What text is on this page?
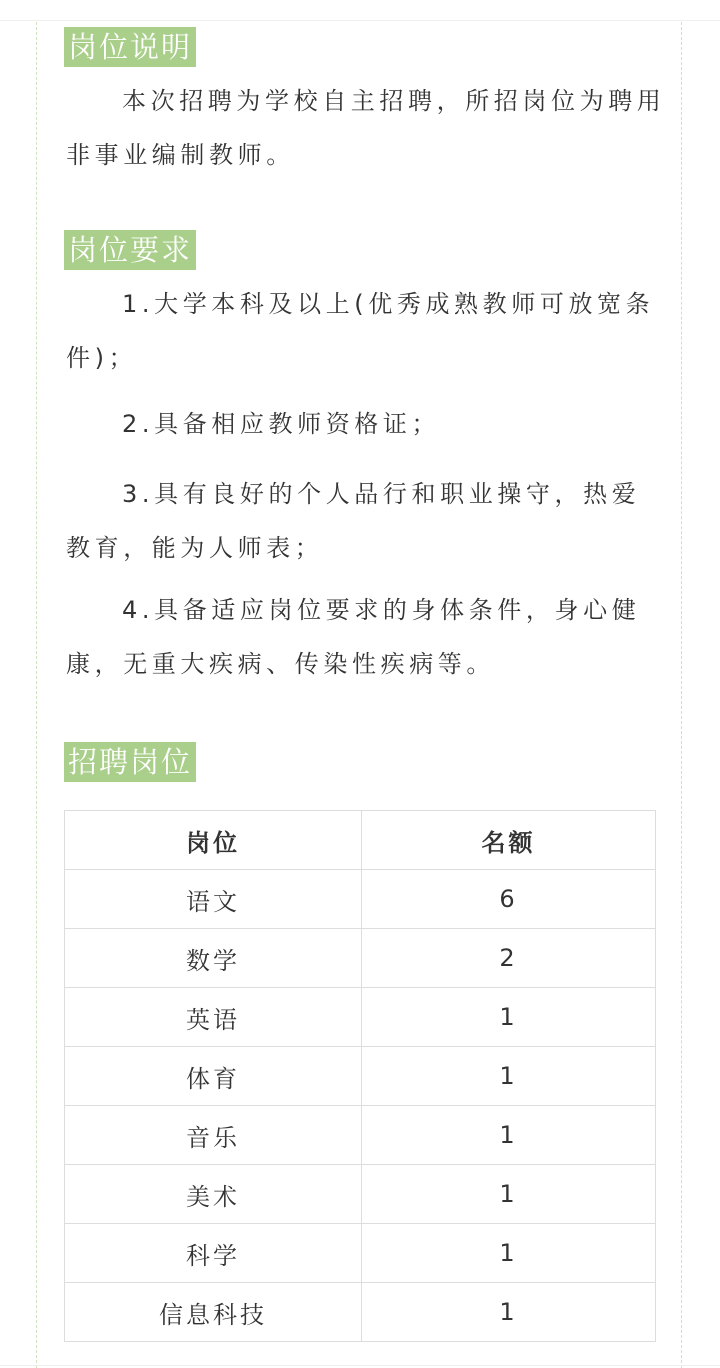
岗位说明

本次招聘为学校自主招聘，所招岗位为聘用非事业编制教师。

岗位要求

1.大学本科及以上(优秀成熟教师可放宽条件)；

2.具备相应教师资格证；

3.具有良好的个人品行和职业操守，热爱教育，能为人师表；

4.具备适应岗位要求的身体条件，身心健康，无重大疾病、传染性疾病等。

招聘岗位
岗位	名额
语文	6
数学	2
英语	1
体育	1
音乐	1
美术	1
科学	1
信息科技	1
